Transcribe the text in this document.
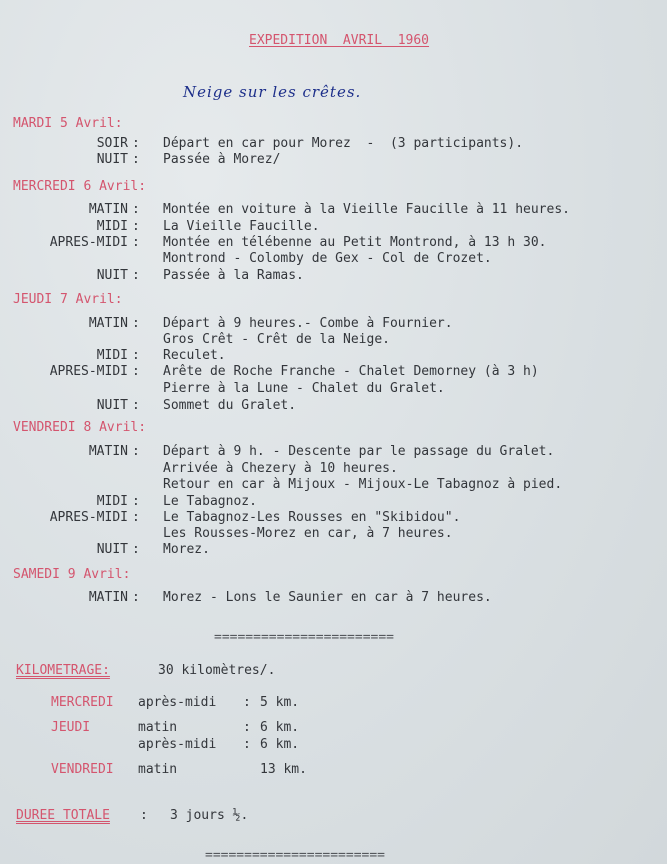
EXPEDITION  AVRIL  1960
Neige sur les crêtes.
MARDI 5 Avril:
SOIR : Départ en car pour Morez  -  (3 participants).
NUIT : Passée à Morez/
MERCREDI 6 Avril:
MATIN : Montée en voiture à la Vieille Faucille à 11 heures.
MIDI : La Vieille Faucille.
APRES-MIDI : Montée en télébenne au Petit Montrond, à 13 h 30.
Montrond - Colomby de Gex - Col de Crozet.
NUIT : Passée à la Ramas.
JEUDI 7 Avril:
MATIN : Départ à 9 heures.- Combe à Fournier.
Gros Crêt - Crêt de la Neige.
MIDI : Reculet.
APRES-MIDI : Arête de Roche Franche - Chalet Demorney (à 3 h)
Pierre à la Lune - Chalet du Gralet.
NUIT : Sommet du Gralet.
VENDREDI 8 Avril:
MATIN : Départ à 9 h. - Descente par le passage du Gralet.
Arrivée à Chezery à 10 heures.
Retour en car à Mijoux - Mijoux-Le Tabagnoz à pied.
MIDI : Le Tabagnoz.
APRES-MIDI : Le Tabagnoz-Les Rousses en "Skibidou".
Les Rousses-Morez en car, à 7 heures.
NUIT : Morez.
SAMEDI 9 Avril:
MATIN : Morez - Lons le Saunier en car à 7 heures.
=======================
KILOMETRAGE:	30 kilomètres/.
MERCREDI après-midi : 5 km.
JEUDI	matin	: 6 km.
après-midi : 6 km.
VENDREDI matin	13 km.
DUREE TOTALE : 3 jours ½.
=======================
